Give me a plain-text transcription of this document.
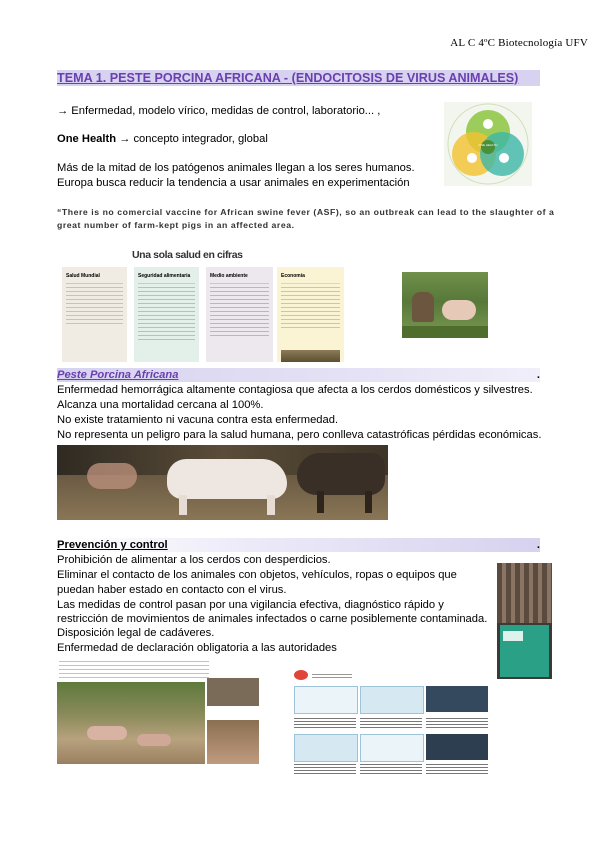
AL C 4ºC Biotecnología UFV
TEMA 1. PESTE PORCINA AFRICANA - (ENDOCITOSIS DE VIRUS ANIMALES)
→ Enfermedad, modelo vírico, medidas de control, laboratorio... ,
One Health → concepto integrador, global
Más de la mitad de los patógenos animales llegan a los seres humanos.
Europa busca reducir la tendencia a usar animales en experimentación
“There is no comercial vaccine for African swine fever (ASF), so an outbreak can lead to the slaughter of a
great number of farm-kept pigs in an affected area.
ONE HEALTH
Una sola salud en cifras
Salud Mundial	Seguridad alimentaria	Medio ambiente	Economía
Peste Porcina Africana	.
Enfermedad hemorrágica altamente contagiosa que afecta a los cerdos domésticos y silvestres.
Alcanza una mortalidad cercana al 100%.
No existe tratamiento ni vacuna contra esta enfermedad.
No representa un peligro para la salud humana, pero conlleva catastróficas pérdidas económicas.
Prevención y control	.
Prohibición de alimentar a los cerdos con desperdicios.
Eliminar el contacto de los animales con objetos, vehículos, ropas o equipos que
puedan haber estado en contacto con el virus.
Las medidas de control pasan por una vigilancia efectiva, diagnóstico rápido y
restricción de movimientos de animales infectados o carne posiblemente contaminada.
Disposición legal de cadáveres.
Enfermedad de declaración obligatoria a las autoridades
